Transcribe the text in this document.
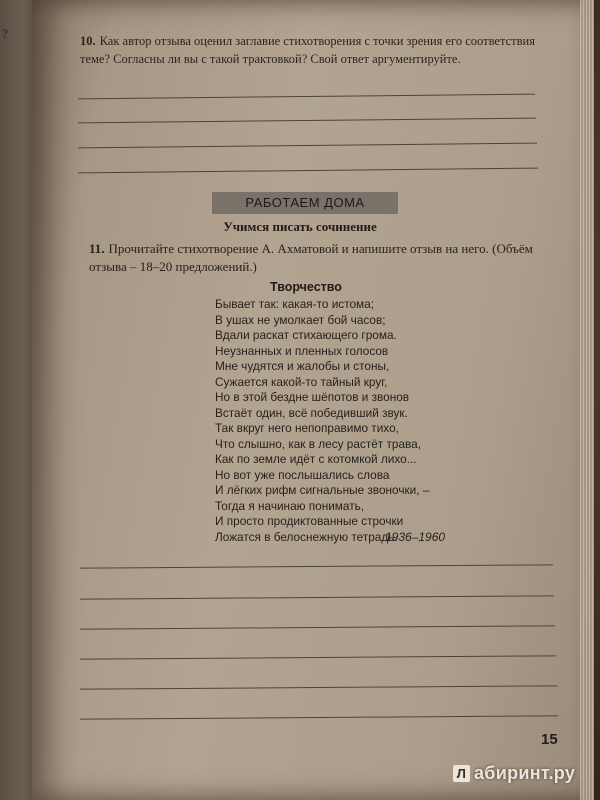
?	10. Как автор отзыва оценил заглавие стихотворения с точки зрения его соответствия теме? Согласны ли вы с такой трактовкой? Свой ответ аргументируйте.
РАБОТАЕМ ДОМА
Учимся писать сочинение
11. Прочитайте стихотворение А. Ахматовой и напишите отзыв на него. (Объём отзыва – 18–20 предложений.)
Творчество
Бывает так: какая-то истома;
В ушах не умолкает бой часов;
Вдали раскат стихающего грома.
Неузнанных и пленных голосов
Мне чудятся и жалобы и стоны,
Сужается какой-то тайный круг,
Но в этой бездне шёпотов и звонов
Встаёт один, всё победивший звук.
Так вкруг него непоправимо тихо,
Что слышно, как в лесу растёт трава,
Как по земле идёт с котомкой лихо...
Но вот уже послышались слова
И лёгких рифм сигнальные звоночки, –
Тогда я начинаю понимать,
И просто продиктованные строчки
Ложатся в белоснежную тетрадь.
1936–1960
15
Л абиринт.ру
